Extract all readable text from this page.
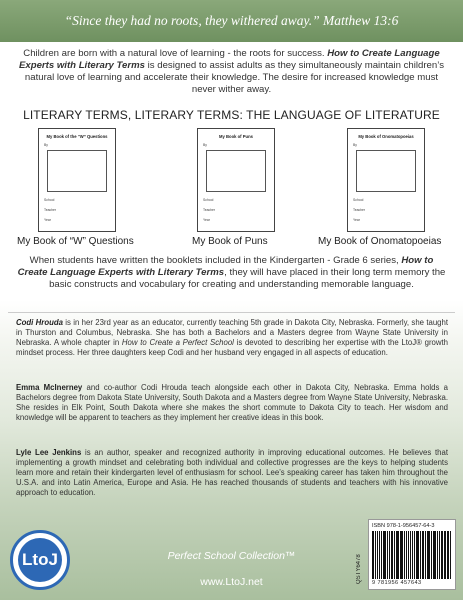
“Since they had no roots, they withered away.” Matthew 13:6

Children are born with a natural love of learning - the roots for success. How to Create Language Experts with Literary Terms is designed to assist adults as they simultaneously maintain children’s natural love of learning and accelerate their knowledge. The desire for increased knowledge must never wither away.

LITERARY TERMS, LITERARY TERMS: THE LANGUAGE OF LITERATURE
My Book of the “W” Questions
By
School
Teacher
Year
My Book of Puns
By
School
Teacher
Year
My Book of Onomatopoeias
By
School
Teacher
Year
My Book of “W” Questions	My Book of Puns	My Book of Onomatopoeias

When students have written the booklets included in the Kindergarten - Grade 6 series, How to Create Language Experts with Literary Terms, they will have placed in their long term memory the basic constructs and vocabulary for creating and understanding memorable language.

Codi Hrouda is in her 23rd year as an educator, currently teaching 5th grade in Dakota City, Nebraska. Formerly, she taught in Thurston and Columbus, Nebraska. She has both a Bachelors and a Masters degree from Wayne State University in Nebraska. A whole chapter in How to Create a Perfect School is devoted to describing her expertise with the LtoJ® growth mindset process. Her three daughters keep Codi and her husband very engaged in all aspects of education.

Emma McInerney and co-author Codi Hrouda teach alongside each other in Dakota City, Nebraska. Emma holds a Bachelors degree from Dakota State University, South Dakota and a Masters degree from Wayne State University, Nebraska. She resides in Elk Point, South Dakota where she makes the short commute to Dakota City to teach. Her wisdom and knowledge will be apparent to teachers as they implement her creative ideas in this book.

Lyle Lee Jenkins is an author, speaker and recognized authority in improving educational outcomes. He believes that implementing a growth mindset and celebrating both individual and collective progresses are the keys to helping students learn more and retain their kindergarten level of enthusiasm for school. Lee’s speaking career has taken him throughout the U.S.A. and into Latin America, Europe and Asia. He has reached thousands of students and teachers with his innovative approach to education.

LtoJ	Perfect School Collection™
www.LtoJ.net	QSTY6478
ISBN 978-1-956457-64-3
9 781956 457643
